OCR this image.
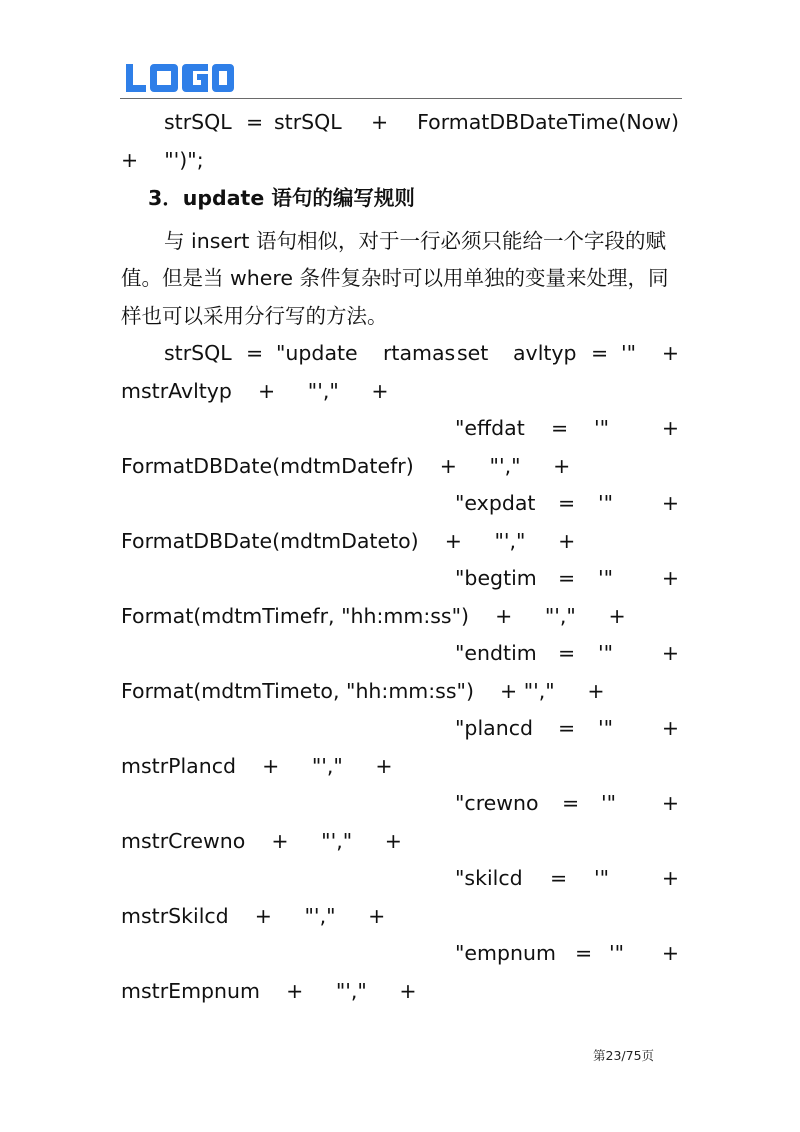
strSQL = strSQL + FormatDBDateTime(Now)
+    "')";
3．update 语句的编写规则
与 insert 语句相似，对于一行必须只能给一个字段的赋
值。但是当 where 条件复杂时可以用单独的变量来处理，同
样也可以采用分行写的方法。
strSQL = "update rtamas set avltyp = '" +
mstrAvltyp    +     "',"     +
"effdat = '"	+
FormatDBDate(mdtmDatefr)    +     "',"     +
"expdat = '" +
FormatDBDate(mdtmDateto)    +     "',"     +
"begtim = '" +
Format(mdtmTimefr, "hh:mm:ss")    +     "',"     +
"endtim = '" +
Format(mdtmTimeto, "hh:mm:ss")    + "',"     +
"plancd = '" +
mstrPlancd    +     "',"     +
"crewno = '" +
mstrCrewno    +     "',"     +
"skilcd = '"	+
mstrSkilcd    +     "',"     +
"empnum = '" +
mstrEmpnum    +     "',"     +
第23/75页
